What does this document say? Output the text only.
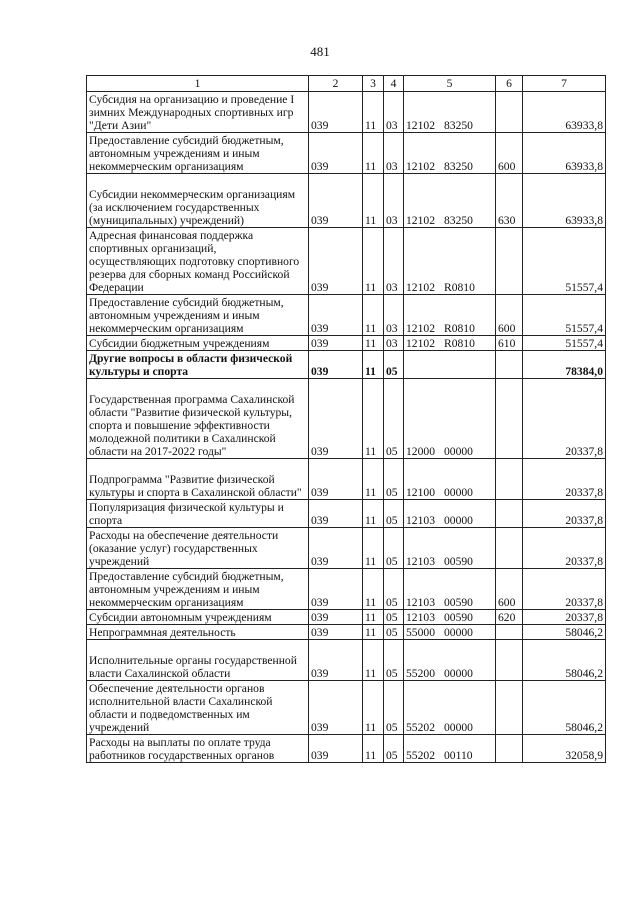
481
1	2	3	4	5	6	7
Субсидия на организацию и проведение I зимних Международных спортивных игр "Дети Азии"	039	11	03	12102 83250		63933,8
Предоставление субсидий бюджетным, автономным учреждениям и иным некоммерческим организациям	039	11	03	12102 83250	600	63933,8
Субсидии некоммерческим организациям (за исключением государственных (муниципальных) учреждений)	039	11	03	12102 83250	630	63933,8
Адресная финансовая поддержка спортивных организаций, осуществляющих подготовку спортивного резерва для сборных команд Российской Федерации	039	11	03	12102 R0810		51557,4
Предоставление субсидий бюджетным, автономным учреждениям и иным некоммерческим организациям	039	11	03	12102 R0810	600	51557,4
Субсидии бюджетным учреждениям	039	11	03	12102 R0810	610	51557,4
Другие вопросы в области физической культуры и спорта	039	11	05			78384,0
Государственная программа Сахалинской области "Развитие физической культуры, спорта и повышение эффективности молодежной политики в Сахалинской области на 2017-2022 годы"	039	11	05	12000 00000		20337,8
Подпрограмма "Развитие физической культуры и спорта в Сахалинской области"	039	11	05	12100 00000		20337,8
Популяризация физической культуры и спорта	039	11	05	12103 00000		20337,8
Расходы на обеспечение деятельности (оказание услуг) государственных учреждений	039	11	05	12103 00590		20337,8
Предоставление субсидий бюджетным, автономным учреждениям и иным некоммерческим организациям	039	11	05	12103 00590	600	20337,8
Субсидии автономным учреждениям	039	11	05	12103 00590	620	20337,8
Непрограммная деятельность	039	11	05	55000 00000		58046,2
Исполнительные органы государственной власти Сахалинской области	039	11	05	55200 00000		58046,2
Обеспечение деятельности органов исполнительной власти Сахалинской области и подведомственных им учреждений	039	11	05	55202 00000		58046,2
Расходы на выплаты по оплате труда работников государственных органов	039	11	05	55202 00110		32058,9
